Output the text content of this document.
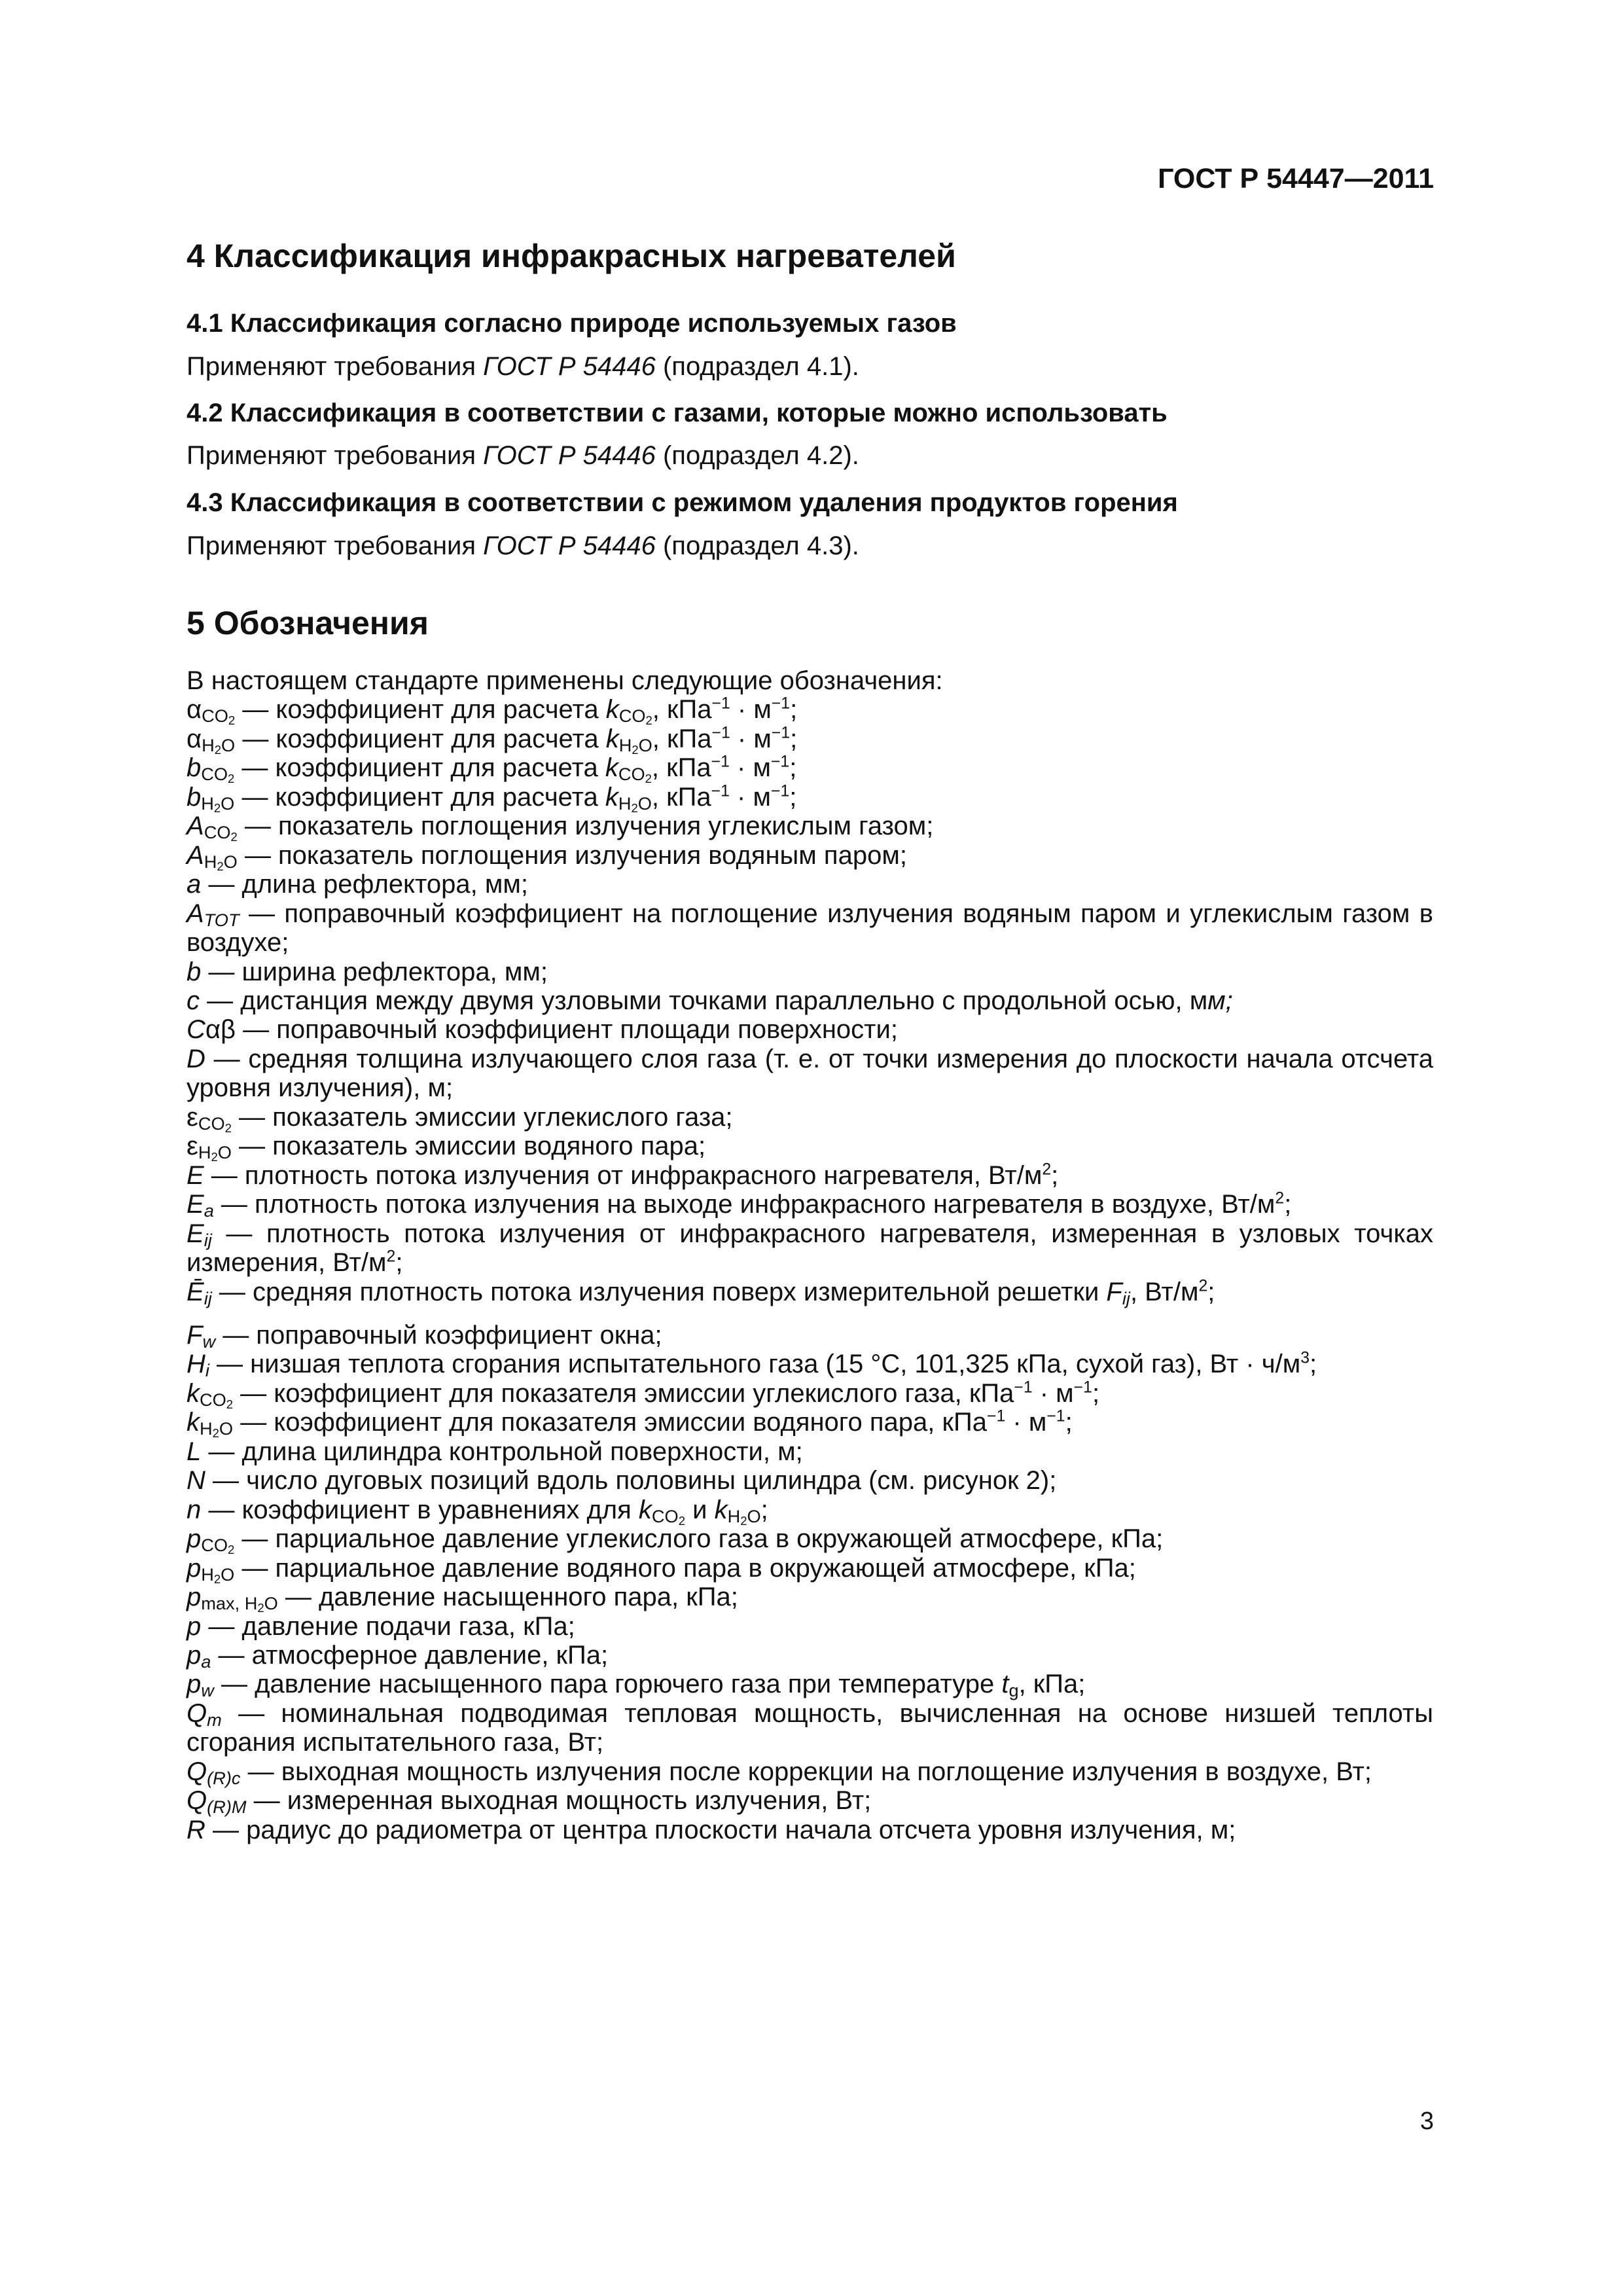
ГОСТ Р 54447—2011
4 Классификация инфракрасных нагревателей
4.1 Классификация согласно природе используемых газов
Применяют требования ГОСТ Р 54446 (подраздел 4.1).
4.2 Классификация в соответствии с газами, которые можно использовать
Применяют требования ГОСТ Р 54446 (подраздел 4.2).
4.3 Классификация в соответствии с режимом удаления продуктов горения
Применяют требования ГОСТ Р 54446 (подраздел 4.3).
5 Обозначения
В настоящем стандарте применены следующие обозначения:
$\alpha_{CO_2}$ — коэффициент для расчета $k_{CO_2}$, $кПа^{-1} \cdot м^{-1}$;
$\alpha_{H_2O}$ — коэффициент для расчета $k_{H_2O}$, $кПа^{-1} \cdot м^{-1}$;
$b_{CO_2}$ — коэффициент для расчета $k_{CO_2}$, $кПа^{-1} \cdot м^{-1}$;
$b_{H_2O}$ — коэффициент для расчета $k_{H_2O}$, $кПа^{-1} \cdot м^{-1}$;
$A_{CO_2}$ — показатель поглощения излучения углекислым газом;
$A_{H_2O}$ — показатель поглощения излучения водяным паром;
a — длина рефлектора, мм;
$A_{TOT}$ — поправочный коэффициент на поглощение излучения водяным паром и углекислым газом в воздухе;
b — ширина рефлектора, мм;
c — дистанция между двумя узловыми точками параллельно с продольной осью, мм;
Cαβ — поправочный коэффициент площади поверхности;
D — средняя толщина излучающего слоя газа (т. е. от точки измерения до плоскости начала отсчета уровня излучения), м;
$\varepsilon_{CO_2}$ — показатель эмиссии углекислого газа;
$\varepsilon_{H_2O}$ — показатель эмиссии водяного пара;
E — плотность потока излучения от инфракрасного нагревателя, $Вт/м^2$;
$E_a$ — плотность потока излучения на выходе инфракрасного нагревателя в воздухе, $Вт/м^2$;
$E_{ij}$ — плотность потока излучения от инфракрасного нагревателя, измеренная в узловых точках измерения, $Вт/м^2$;
$Ē_{ij}$ — средняя плотность потока излучения поверх измерительной решетки $F_{ij}$, $Вт/м^2$;
$F_w$ — поправочный коэффициент окна;
$H_i$ — низшая теплота сгорания испытательного газа (15 °С, 101,325 кПа, сухой газ), Вт · $ч/м^3$;
$k_{CO_2}$ — коэффициент для показателя эмиссии углекислого газа, $кПа^{-1} \cdot м^{-1}$;
$k_{H_2O}$ — коэффициент для показателя эмиссии водяного пара, $кПа^{-1} \cdot м^{-1}$;
L — длина цилиндра контрольной поверхности, м;
N — число дуговых позиций вдоль половины цилиндра (см. рисунок 2);
n — коэффициент в уравнениях для $k_{CO_2}$ и $k_{H_2O}$;
$p_{CO_2}$ — парциальное давление углекислого газа в окружающей атмосфере, кПа;
$p_{H_2O}$ — парциальное давление водяного пара в окружающей атмосфере, кПа;
$p_{max, H_2O}$ — давление насыщенного пара, кПа;
p — давление подачи газа, кПа;
$p_a$ — атмосферное давление, кПа;
$p_w$ — давление насыщенного пара горючего газа при температуре $t_g$, кПа;
$Q_m$ — номинальная подводимая тепловая мощность, вычисленная на основе низшей теплоты сгорания испытательного газа, Вт;
$Q_{(R)c}$ — выходная мощность излучения после коррекции на поглощение излучения в воздухе, Вт;
$Q_{(R)M}$ — измеренная выходная мощность излучения, Вт;
R — радиус до радиометра от центра плоскости начала отсчета уровня излучения, м;
3
